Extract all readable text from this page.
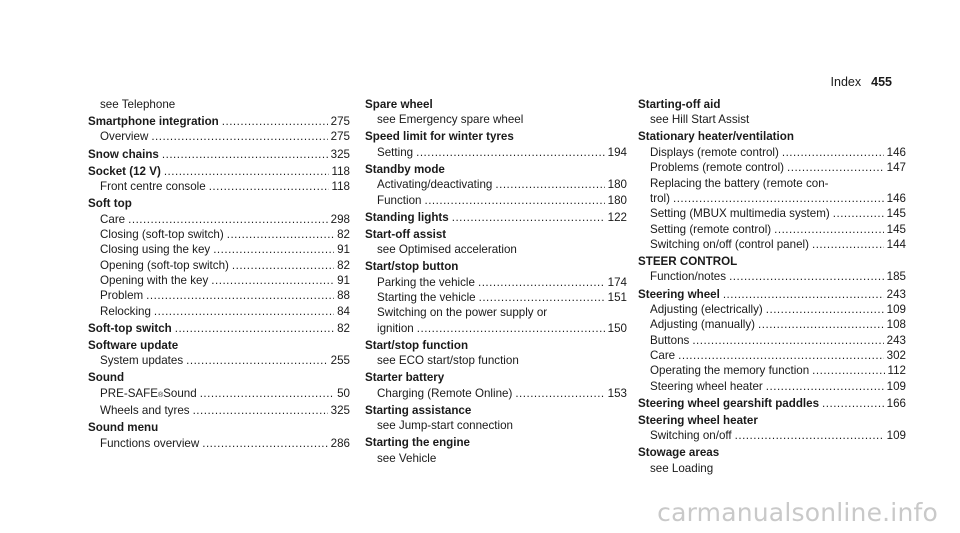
Index 455
see Telephone
Smartphone integration .....	275
Overview .....	275
Snow chains .....	325
Socket (12 V) .....	118
Front centre console .....	118
Soft top
Care .....	298
Closing (soft-top switch) .....	82
Closing using the key .....	91
Opening (soft-top switch) .....	82
Opening with the key .....	91
Problem .....	88
Relocking .....	84
Soft-top switch .....	82
Software update
System updates .....	255
Sound
PRE-SAFE ® Sound .....	50
Wheels and tyres .....	325
Sound menu
Functions overview .....	286
Spare wheel
see Emergency spare wheel
Speed limit for winter tyres
Setting .....	194
Standby mode
Activating/deactivating .....	180
Function .....	180
Standing lights .....	122
Start-off assist
see Optimised acceleration
Start/stop button
Parking the vehicle .....	174
Starting the vehicle .....	151
Switching on the power supply or
ignition .....	150
Start/stop function
see ECO start/stop function
Starter battery
Charging (Remote Online) .....	153
Starting assistance
see Jump-start connection
Starting the engine
see Vehicle
Starting-off aid
see Hill Start Assist
Stationary heater/ventilation
Displays (remote control) .....	146
Problems (remote control) .....	147
Replacing the battery (remote con-
trol) .....	146
Setting (MBUX multimedia system) .....	145
Setting (remote control) .....	145
Switching on/off (control panel) .....	144
STEER CONTROL
Function/notes .....	185
Steering wheel .....	243
Adjusting (electrically) .....	109
Adjusting (manually) .....	108
Buttons .....	243
Care .....	302
Operating the memory function .....	112
Steering wheel heater .....	109
Steering wheel gearshift paddles .....	166
Steering wheel heater
Switching on/off .....	109
Stowage areas
see Loading
carmanualsonline.info
